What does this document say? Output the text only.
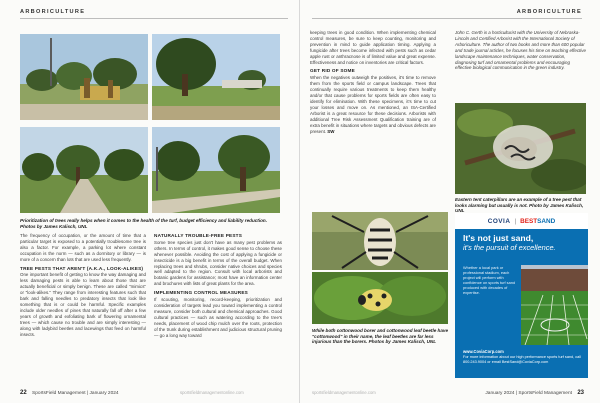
ARBORICULTURE
Prioritization of trees really helps when it comes to the health of the turf, budget efficiency and liability reduction. Photos by James Kalisch, UNL

The frequency of occupation, or the amount of time that a particular target is exposed to a potentially troublesome tree is also a factor. For example, a parking lot where constant occupation is the norm — such as a dormitory or library — is more of a concern than lots that are used less frequently.

TREE PESTS THAT AREN'T (A.K.A., LOOK-ALIKES)

One important benefit of getting to know the way damaging and less damaging pests is able to learn about those that are actually beneficial or simply benign. These are called "mimics" or "look-alikes." They range from interesting features such that bark and falling needles to predatory insects that look like something that is or could be harmful. Specific examples include older needles of pines that naturally fall off after a few years of growth and exfoliating bark of flowering ornamental trees — which cause no trouble and are simply interesting — along with ladybird beetles and lacewings that feed on harmful insects.

NATURALLY TROUBLE-FREE PESTS

Some tree species just don't have as many pest problems as others. In terms of control, it makes good sense to choose these whenever possible. Avoiding the cost of applying a fungicide or insecticide is a big benefit in terms of the overall budget. When replacing trees and shrubs, consider native choices and species well adapted to the region. Consult with local arborists and botanic gardens for assistance; most have an information center and brochures with lists of great plants for the area.

IMPLEMENTING CONTROL MEASURES

If scouting, monitoring, record-keeping, prioritization and consideration of targets lead you toward implementing a control measure, consider both cultural and chemical approaches. Good cultural practices — such as watering according to the tree's needs, placement of wood chip mulch over the roots, protection of the trunk during establishment and judicious structural pruning — go a long way toward

22 SportsField Management | January 2024	sportsfieldmanagementonline.com
ARBORICULTURE

keeping trees in good condition. When implementing chemical control measures, be sure to keep counting, monitoring and prevention in mind to guide application timing. Applying a fungicide after trees become infected with pests such as cedar apple rust or anthracnose is of limited value and great expense. Effectiveness and notice on inventories are critical factors.

GET RID OF SOME

When the negatives outweigh the positives, it's time to remove them from the sports field or campus landscape. Trees that continually require various treatments to keep them healthy and/or that cause problems for sports fields are often easy to identify for elimination. With these specimens, it's time to cut your losses and move on. As mentioned, an ISA-Certified Arborist is a great resource for these decisions. Arborists with additional Tree Risk Assessment Qualification training are of extra benefit in situations where targets and obvious defects are present. SW

John C. Gerth is a horticulturist with the University of Nebraska-Lincoln and Certified Arborist with the International Society of Arboriculture. The author of two books and more than 600 popular and trade journal articles, he focuses his time on teaching effective landscape maintenance techniques, water conservation, diagnosing turf and ornamental problems and encouraging effective biological communication in the green industry.
Eastern tent caterpillars are an example of a tree pest that looks alarming but usually is not. Photo by James Kalisch, UNL
While both cottonwood borer and cottonwood leaf beetle have "cottonwood" in their name, the leaf beetles are far less injurious than the borers. Photos by James Kalisch, UNL
sportsfieldmanagementonline.com	January 2024 | SportsField Management 23
COVIA | BESTSAND
It's not just sand,
it's the pursuit of excellence.
Whether a local park or professional stadium, each project will perform with confidence on sports turf sand produced with decades of expertise.
www.CoviaCorp.com
For more information about our high performance sports turf sand, call 800.243.9004 or email BestSand@CoviaCorp.com
